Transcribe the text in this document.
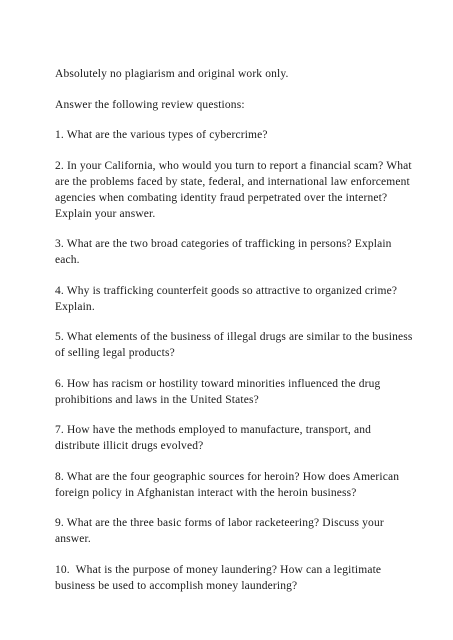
Absolutely no plagiarism and original work only.

Answer the following review questions:

1. What are the various types of cybercrime?

2. In your California, who would you turn to report a financial scam? What are the problems faced by state, federal, and international law enforcement agencies when combating identity fraud perpetrated over the internet? Explain your answer.

3. What are the two broad categories of trafficking in persons? Explain each.

4. Why is trafficking counterfeit goods so attractive to organized crime? Explain.

5. What elements of the business of illegal drugs are similar to the business of selling legal products?

6. How has racism or hostility toward minorities influenced the drug prohibitions and laws in the United States?

7. How have the methods employed to manufacture, transport, and distribute illicit drugs evolved?

8. What are the four geographic sources for heroin? How does American foreign policy in Afghanistan interact with the heroin business?

9. What are the three basic forms of labor racketeering? Discuss your answer.

10.  What is the purpose of money laundering? How can a legitimate business be used to accomplish money laundering?
